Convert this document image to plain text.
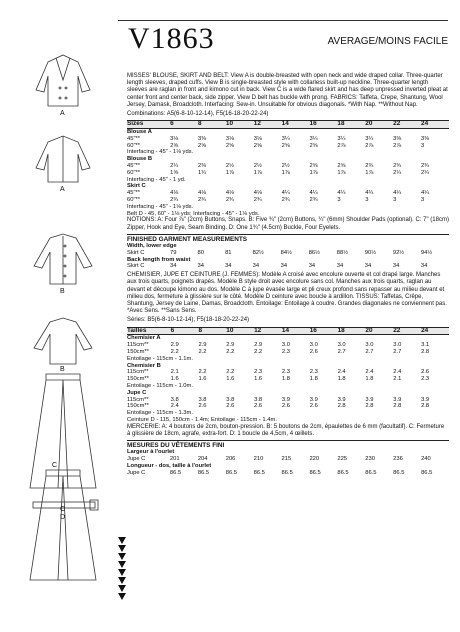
V1863	AVERAGE/MOINS FACILE
A
A
B
B
C
C
D

MISSES' BLOUSE, SKIRT AND BELT: View A is double-breasted with open neck and wide draped collar. Three-quarter length sleeves, draped cuffs. View B is single-breasted style with collarless built-up neckline. Three-quarter length sleeves are raglan in front and kimono cut in back. View C is a wide flared skirt and has deep unpressed inverted pleat at center front and center back, side zipper. View D belt has buckle with prong. FABRICS: Taffeta, Crepe, Shantung, Wool Jersey, Damask, Broadcloth. Interfacing: Sew-in. Unsuitable for obvious diagonals. *With Nap. **Without Nap.

Combinations: A5(6-8-10-12-14), F5(16-18-20-22-24)

Sizes	6	8	10	12	14	16	18	20	22	24
Blouse A										
45"**	3⅛	3⅜	3⅛	3⅛	3¼	3¼	3¼	3¼	3⅜	3⅜
60"**	2⅝	2⅝	2⅝	2⅝	2⅝	2⅝	2⅞	2⅞	2⅞	3
Interfacing - 45" - 1⅛ yds.										
Blouse B										
45"**	2¼	2⅜	2½	2½	2½	2⅝	2⅝	2¾	2¾	2¾
60"**	1⅝	1¾	1⅞	1⅞	1⅞	1⅞	1⅞	1⅞	2¼	2¼
Interfacing - 45" - 1 yd.										
Skirt C										
45"**	4⅛	4⅛	4⅛	4⅛	4¼	4¼	4¼	4¼	4¼	4¼
60"**	2¾	2¾	2¾	2¾	2¾	2¾	3	3	3	3
Interfacing - 45" - 1⅛ yds.										
Belt D - 45, 60" - 1⅛ yds; Interfacing - 45" - 1⅛ yds.										

NOTIONS: A: Four ⅞" (2cm) Buttons, Snaps. B: Five ¾" (2cm) Buttons, ¼" (6mm) Shoulder Pads (optional). C: 7" (18cm) Zipper, Hook and Eye, Seam Binding. D: One 1¾" (4.5cm) Buckle, Four Eyelets.

FINISHED GARMENT MEASUREMENTS
Width, lower edge										
Skirt C	79	80	81	82½	84½	86½	88½	90½	92½	94½
Back length from waist										
Skirt C	34	34	34	34	34	34	34	34	34	34

CHEMISIER, JUPE ET CEINTURE (J. FEMMES): Modèle A croisé avec encolure ouverte et col drapé large. Manches aux trois quarts, poignets drapés. Modèle B style droit avec encolure sans col. Manches aux trois quarts, raglan au devant et découpe kimono au dos. Modèle C à jupe évasée large et pli creux profond sans repasser au milieu devant et milieu dos, fermeture à glissière sur le côté. Modèle D ceinture avec boucle à ardillon. TISSUS: Taffetas, Crêpe, Shantung, Jersey de Laine, Damas, Broadcloth. Entoilage: Entoilage à coudre. Grandes diagonales ne conviennent pas. *Avec Sens. **Sans Sens.

Séries: B5(6-8-10-12-14), F5(18-18-20-22-24)

Tailles	6	8	10	12	14	16	18	20	22	24
Chemisier A										
115cm**	2.9	2.9	2.9	2.9	3.0	3.0	3.0	3.0	3.0	3.1
150cm**	2.2	2.2	2.2	2.2	2.3	2.6	2.7	2.7	2.7	2.8
Entoilage - 115cm - 1.1m.										
Chemisier B										
115cm**	2.1	2.2	2.2	2.3	2.3	2.3	2.4	2.4	2.4	2.6
150cm**	1.6	1.6	1.6	1.6	1.8	1.8	1.8	1.8	2.1	2.3
Entoilage - 115cm - 1.0m.										
Jupe C										
115cm**	3.8	3.8	3.8	3.8	3.9	3.9	3.9	3.9	3.9	3.9
150cm**	2.4	2.6	2.6	2.6	2.6	2.6	2.8	2.8	2.8	2.8
Entoilage - 115cm - 1.3m.										
Ceinture D - 115, 150cm - 1.4m; Entoilage - 115cm - 1.4m.										

MERCERIE: A: 4 boutons de 2cm, bouton-pression. B: 5 boutons de 2cm, épaulettes de 6 mm (facultatif). C: Fermeture à glissière de 18cm, agrafe, extra-fort. D: 1 boucle de 4,5cm, 4 œillets.

MESURES DU VÊTEMENTS FINI
Largeur à l'ourlet										
Jupe C	201	204	206	210	215	220	225	230	236	240
Longueur - dos, taille à l'ourlet										
Jupe C	86.5	86.5	86.5	86.5	86.5	86.5	86.5	86.5	86.5	86.5
